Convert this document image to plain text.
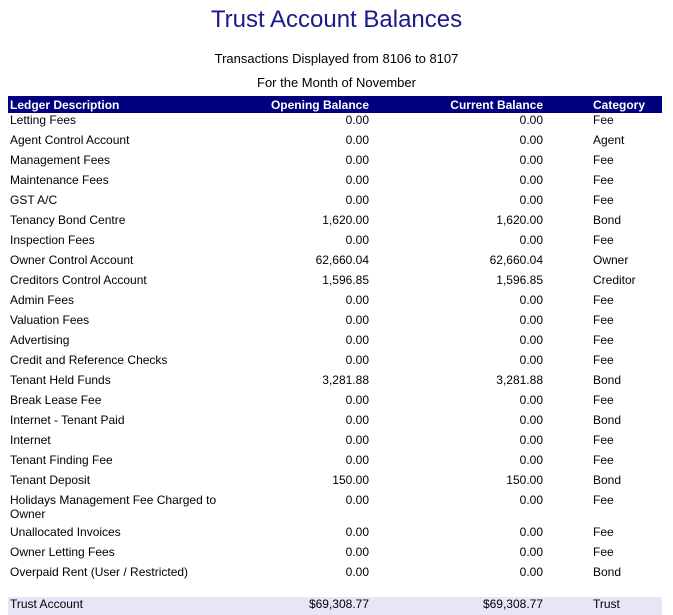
Trust Account Balances
Transactions Displayed from 8106 to 8107
For the Month of November
Ledger Description	Opening Balance	Current Balance	Category
Letting Fees	0.00	0.00	Fee
Agent Control Account	0.00	0.00	Agent
Management Fees	0.00	0.00	Fee
Maintenance Fees	0.00	0.00	Fee
GST A/C	0.00	0.00	Fee
Tenancy Bond Centre	1,620.00	1,620.00	Bond
Inspection Fees	0.00	0.00	Fee
Owner Control Account	62,660.04	62,660.04	Owner
Creditors Control Account	1,596.85	1,596.85	Creditor
Admin Fees	0.00	0.00	Fee
Valuation Fees	0.00	0.00	Fee
Advertising	0.00	0.00	Fee
Credit and Reference Checks	0.00	0.00	Fee
Tenant Held Funds	3,281.88	3,281.88	Bond
Break Lease Fee	0.00	0.00	Fee
Internet - Tenant Paid	0.00	0.00	Bond
Internet	0.00	0.00	Fee
Tenant Finding Fee	0.00	0.00	Fee
Tenant Deposit	150.00	150.00	Bond
Holidays Management Fee Charged to Owner	0.00	0.00	Fee
Unallocated Invoices	0.00	0.00	Fee
Owner Letting Fees	0.00	0.00	Fee
Overpaid Rent (User / Restricted)	0.00	0.00	Bond
Trust Account	$69,308.77	$69,308.77	Trust
